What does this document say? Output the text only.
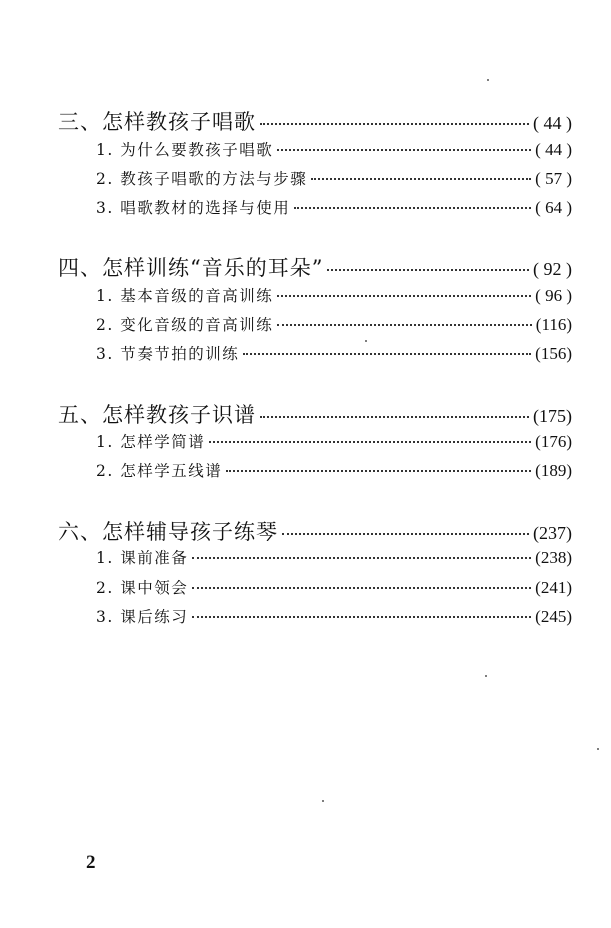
三、怎样教孩子唱歌	( 44 )
1. 为什么要教孩子唱歌	( 44 )
2. 教孩子唱歌的方法与步骤	( 57 )
3. 唱歌教材的选择与使用	( 64 )
四、怎样训练“音乐的耳朵”	( 92 )
1. 基本音级的音高训练	( 96 )
2. 变化音级的音高训练	(116)
3. 节奏节拍的训练	(156)
五、怎样教孩子识谱	(175)
1. 怎样学简谱	(176)
2. 怎样学五线谱	(189)
六、怎样辅导孩子练琴	(237)
1. 课前准备	(238)
2. 课中领会	(241)
3. 课后练习	(245)
2
